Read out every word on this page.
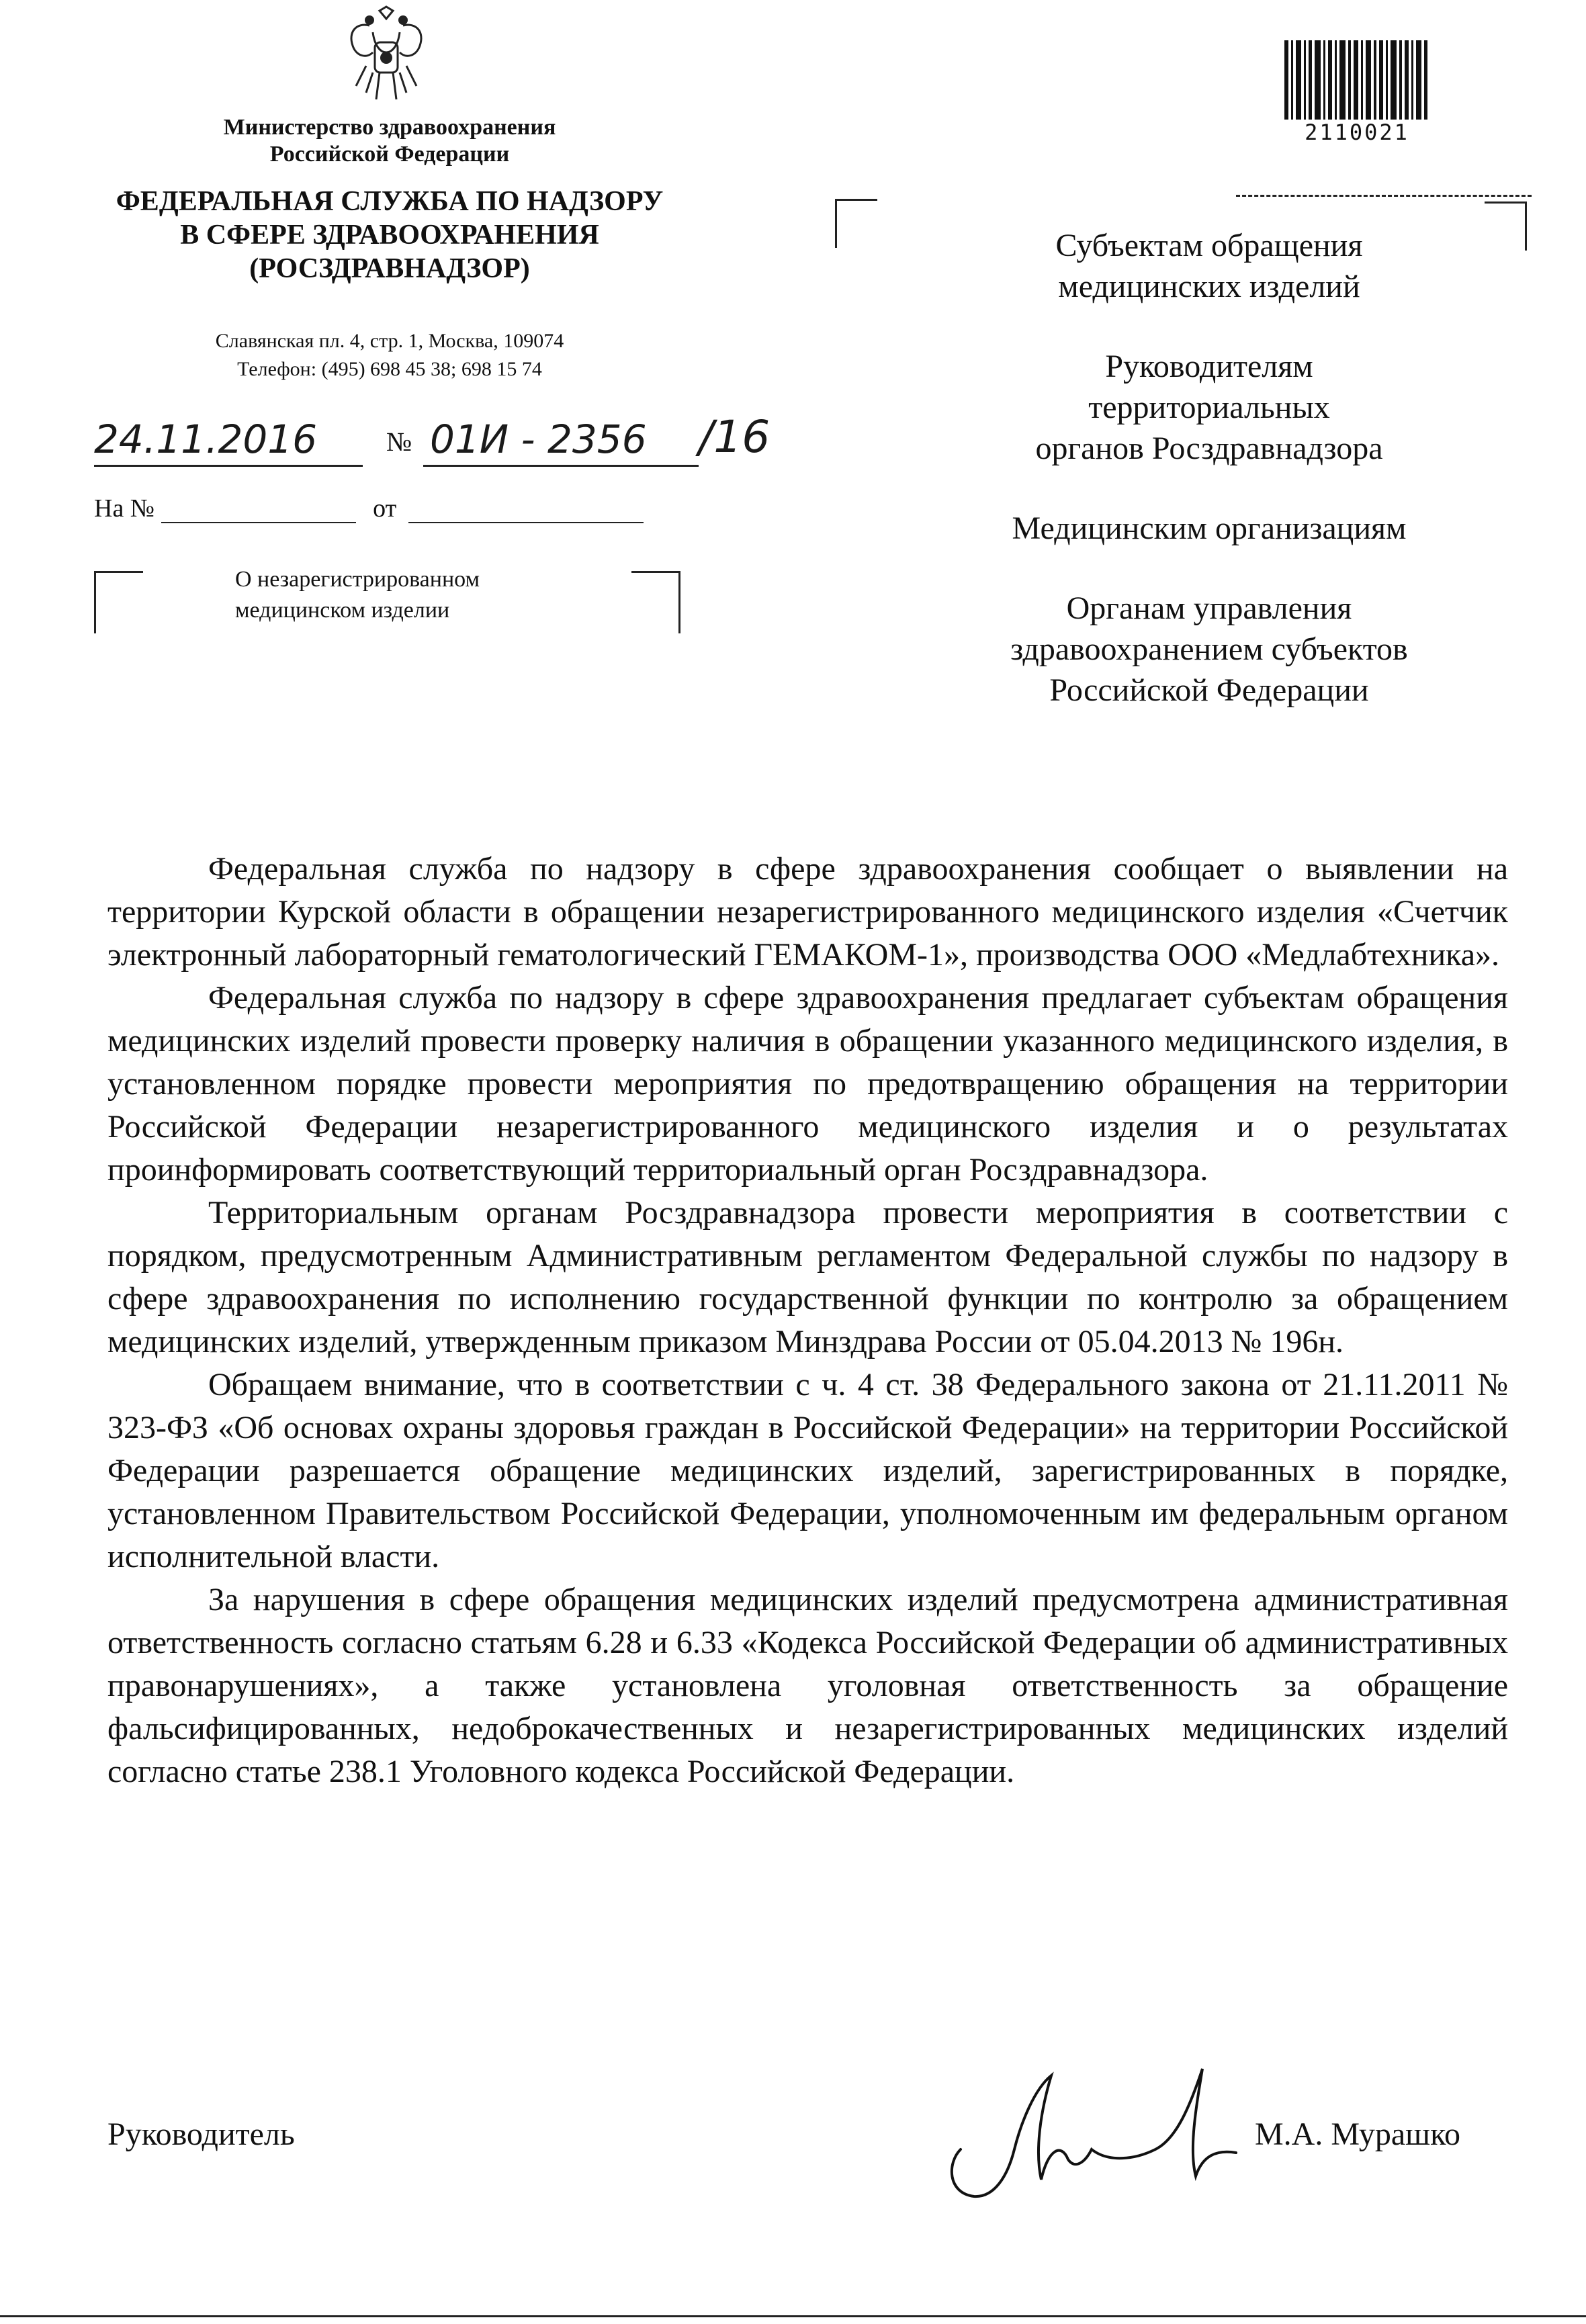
Министерство здравоохранения
Российской Федерации
ФЕДЕРАЛЬНАЯ СЛУЖБА ПО НАДЗОРУ
В СФЕРЕ ЗДРАВООХРАНЕНИЯ
(РОСЗДРАВНАДЗОР)
Славянская пл. 4, стр. 1, Москва, 109074
Телефон: (495) 698 45 38; 698 15 74
24.11.2016	№ 01И - 2356 /16
На №	от
О незарегистрированном
медицинском изделии
2110021

Субъектам обращения
медицинских изделий

Руководителям
территориальных
органов Росздравнадзора

Медицинским организациям

Органам управления
здравоохранением субъектов
Российской Федерации

Федеральная служба по надзору в сфере здравоохранения сообщает о выявлении на территории Курской области в обращении незарегистрированного медицинского изделия «Счетчик электронный лабораторный гематологический ГЕМАКОМ-1», производства ООО «Медлабтехника».

Федеральная служба по надзору в сфере здравоохранения предлагает субъектам обращения медицинских изделий провести проверку наличия в обращении указанного медицинского изделия, в установленном порядке провести мероприятия по предотвращению обращения на территории Российской Федерации незарегистрированного медицинского изделия и о результатах проинформировать соответствующий территориальный орган Росздравнадзора.

Территориальным органам Росздравнадзора провести мероприятия в соответствии с порядком, предусмотренным Административным регламентом Федеральной службы по надзору в сфере здравоохранения по исполнению государственной функции по контролю за обращением медицинских изделий, утвержденным приказом Минздрава России от 05.04.2013 № 196н.

Обращаем внимание, что в соответствии с ч. 4 ст. 38 Федерального закона от 21.11.2011 № 323-ФЗ «Об основах охраны здоровья граждан в Российской Федерации» на территории Российской Федерации разрешается обращение медицинских изделий, зарегистрированных в порядке, установленном Правительством Российской Федерации, уполномоченным им федеральным органом исполнительной власти.

За нарушения в сфере обращения медицинских изделий предусмотрена административная ответственность согласно статьям 6.28 и 6.33 «Кодекса Российской Федерации об административных правонарушениях», а также установлена уголовная ответственность за обращение фальсифицированных, недоброкачественных и незарегистрированных медицинских изделий согласно статье 238.1 Уголовного кодекса Российской Федерации.

Руководитель	М.А. Мурашко
